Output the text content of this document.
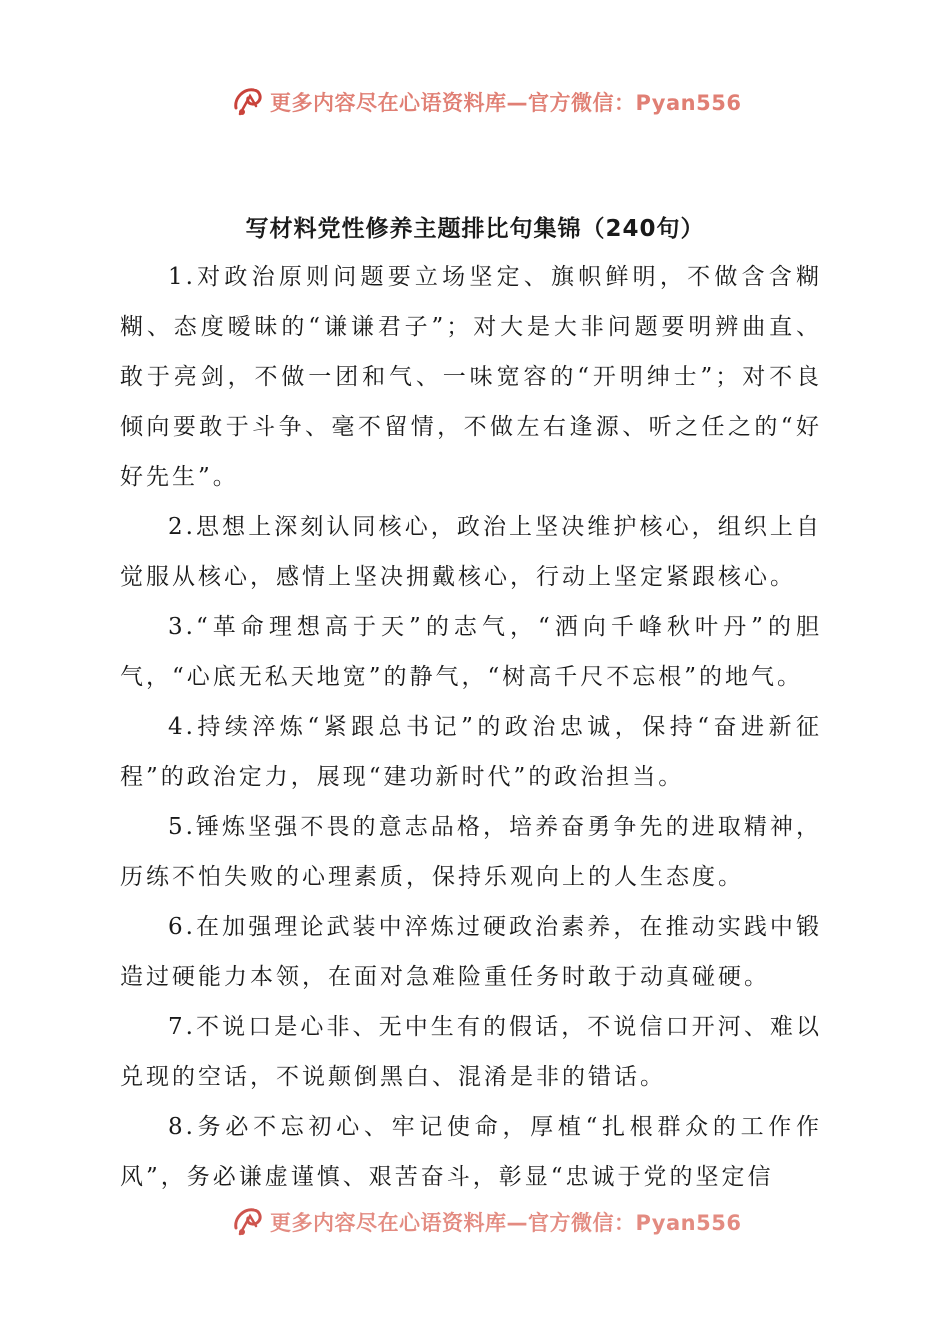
更多内容尽在心语资料库—官方微信：Pyan556
写材料党性修养主题排比句集锦（240句）

1.对政治原则问题要立场坚定、旗帜鲜明，不做含含糊糊、态度暧昧的“谦谦君子”；对大是大非问题要明辨曲直、敢于亮剑，不做一团和气、一味宽容的“开明绅士”；对不良倾向要敢于斗争、毫不留情，不做左右逢源、听之任之的“好好先生”。

2.思想上深刻认同核心，政治上坚决维护核心，组织上自觉服从核心，感情上坚决拥戴核心，行动上坚定紧跟核心。

3.“革命理想高于天”的志气，“洒向千峰秋叶丹”的胆气，“心底无私天地宽”的静气，“树高千尺不忘根”的地气。

4.持续淬炼“紧跟总书记”的政治忠诚，保持“奋进新征程”的政治定力，展现“建功新时代”的政治担当。

5.锤炼坚强不畏的意志品格，培养奋勇争先的进取精神，历练不怕失败的心理素质，保持乐观向上的人生态度。

6.在加强理论武装中淬炼过硬政治素养，在推动实践中锻造过硬能力本领，在面对急难险重任务时敢于动真碰硬。

7.不说口是心非、无中生有的假话，不说信口开河、难以兑现的空话，不说颠倒黑白、混淆是非的错话。

8.务必不忘初心、牢记使命，厚植“扎根群众的工作作风”，务必谦虚谨慎、艰苦奋斗，彰显“忠诚于党的坚定信

更多内容尽在心语资料库—官方微信：Pyan556
